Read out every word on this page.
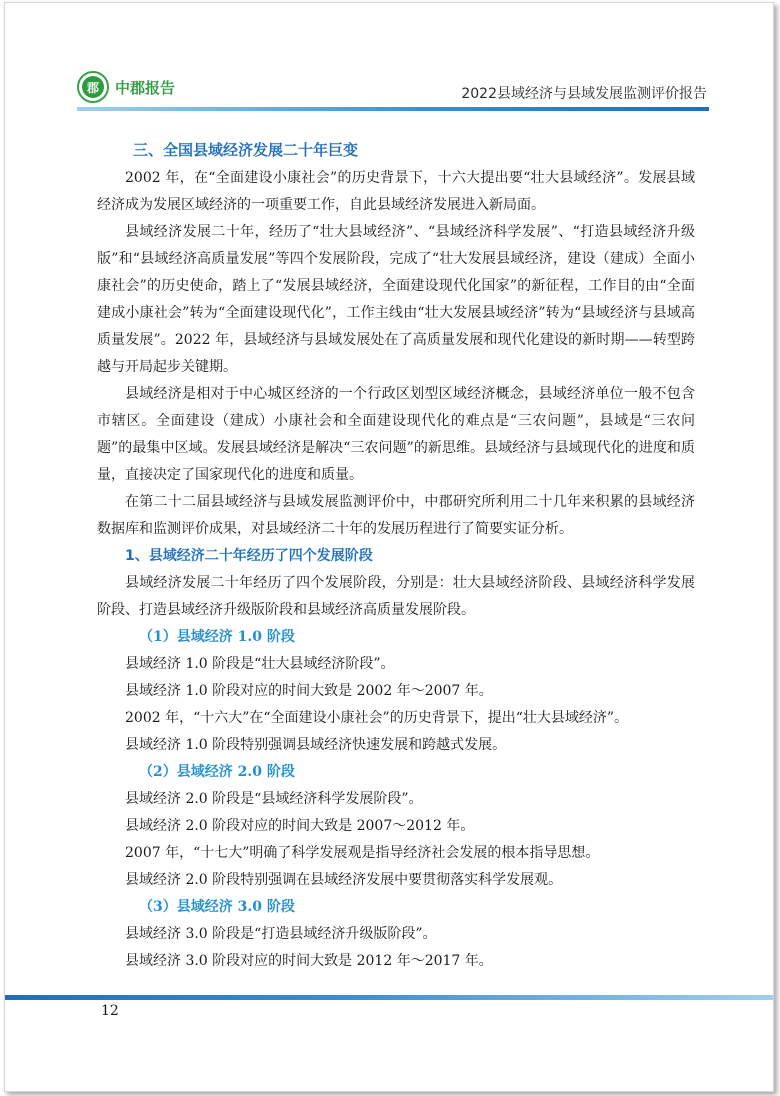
郡	中郡报告	2022县域经济与县域发展监测评价报告
三、全国县域经济发展二十年巨变

2002 年，在“全面建设小康社会”的历史背景下，十六大提出要“壮大县域经济”。发展县域经济成为发展区域经济的一项重要工作，自此县域经济发展进入新局面。

县域经济发展二十年，经历了“壮大县域经济”、“县域经济科学发展”、“打造县域经济升级版”和“县域经济高质量发展”等四个发展阶段，完成了“壮大发展县域经济，建设（建成）全面小康社会”的历史使命，踏上了“发展县域经济，全面建设现代化国家”的新征程，工作目的由“全面建成小康社会”转为“全面建设现代化”，工作主线由“壮大发展县域经济”转为“县域经济与县域高质量发展”。2022 年，县域经济与县域发展处在了高质量发展和现代化建设的新时期——转型跨越与开局起步关键期。

县域经济是相对于中心城区经济的一个行政区划型区域经济概念，县域经济单位一般不包含市辖区。全面建设（建成）小康社会和全面建设现代化的难点是“三农问题”，县域是“三农问题”的最集中区域。发展县域经济是解决“三农问题”的新思维。县域经济与县域现代化的进度和质量，直接决定了国家现代化的进度和质量。

在第二十二届县域经济与县域发展监测评价中，中郡研究所利用二十几年来积累的县域经济数据库和监测评价成果，对县域经济二十年的发展历程进行了简要实证分析。

1、县域经济二十年经历了四个发展阶段

县域经济发展二十年经历了四个发展阶段，分别是：壮大县域经济阶段、县域经济科学发展阶段、打造县域经济升级版阶段和县域经济高质量发展阶段。

（1）县域经济 1.0 阶段

县域经济 1.0 阶段是“壮大县域经济阶段”。

县域经济 1.0 阶段对应的时间大致是 2002 年～2007 年。

2002 年，“十六大”在“全面建设小康社会”的历史背景下，提出“壮大县域经济”。

县域经济 1.0 阶段特别强调县域经济快速发展和跨越式发展。

（2）县域经济 2.0 阶段

县域经济 2.0 阶段是“县域经济科学发展阶段”。

县域经济 2.0 阶段对应的时间大致是 2007～2012 年。

2007 年，“十七大”明确了科学发展观是指导经济社会发展的根本指导思想。

县域经济 2.0 阶段特别强调在县域经济发展中要贯彻落实科学发展观。

（3）县域经济 3.0 阶段

县域经济 3.0 阶段是“打造县域经济升级版阶段”。

县域经济 3.0 阶段对应的时间大致是 2012 年～2017 年。

12
